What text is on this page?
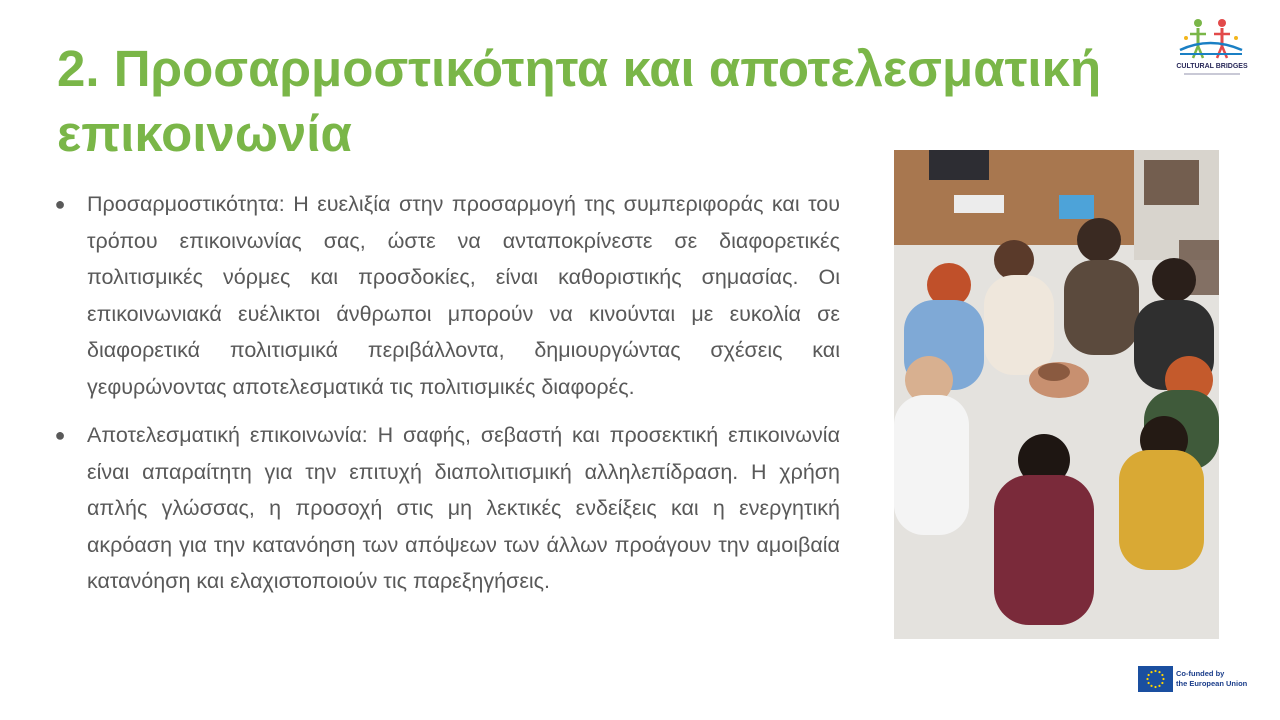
2. Προσαρμοστικότητα και αποτελεσματική επικοινωνία
CULTURAL BRIDGES
● Προσαρμοστικότητα: Η ευελιξία στην προσαρμογή της συμπεριφοράς και του τρόπου επικοινωνίας σας, ώστε να ανταποκρίνεστε σε διαφορετικές πολιτισμικές νόρμες και προσδοκίες, είναι καθοριστικής σημασίας. Οι επικοινωνιακά ευέλικτοι άνθρωποι μπορούν να κινούνται με ευκολία σε διαφορετικά πολιτισμικά περιβάλλοντα, δημιουργώντας σχέσεις και γεφυρώνοντας αποτελεσματικά τις πολιτισμικές διαφορές.
● Αποτελεσματική επικοινωνία: Η σαφής, σεβαστή και προσεκτική επικοινωνία είναι απαραίτητη για την επιτυχή διαπολιτισμική αλληλεπίδραση. Η χρήση απλής γλώσσας, η προσοχή στις μη λεκτικές ενδείξεις και η ενεργητική ακρόαση για την κατανόηση των απόψεων των άλλων προάγουν την αμοιβαία κατανόηση και ελαχιστοποιούν τις παρεξηγήσεις.
Co-funded by
the European Union
